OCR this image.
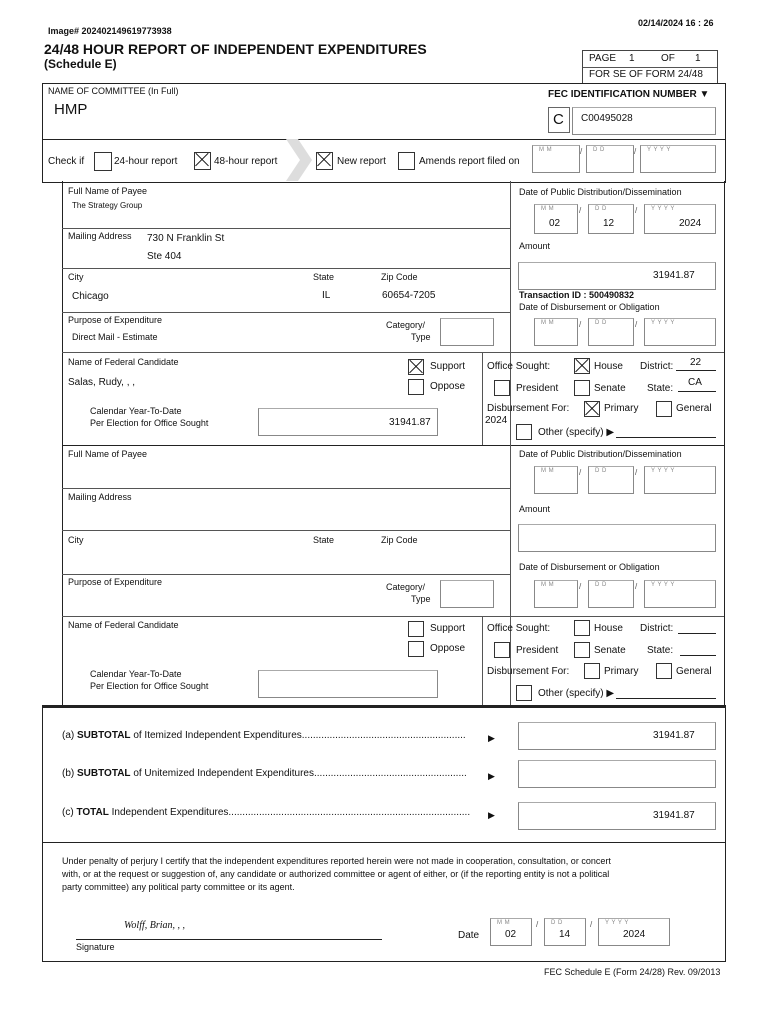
Image# 202402149619773938
02/14/2024 16 : 26
24/48 HOUR REPORT OF INDEPENDENT EXPENDITURES
(Schedule E)	PAGE 1	OF 1
FOR SE OF FORM 24/48
NAME OF COMMITTEE (In Full)
HMP
FEC IDENTIFICATION NUMBER ▼
C C00495028
Check if	24-hour report	48-hour report	New report	Amends report filed on
M M	/ D D	/ Y Y Y Y
Full Name of Payee
The Strategy Group
Mailing Address 730 N Franklin St
Ste 404
City	State	Zip Code
Chicago	IL	60654-7205
Purpose of Expenditure
Direct Mail - Estimate
Category/
Type
Name of Federal Candidate
Salas, Rudy, , ,
Support
Oppose
Office Sought:	House District: 22
President	Senate State:
CA
Calendar Year-To-Date
Per Election for Office Sought	31941.87
Disbursement For:	Primary	General
2024
Other (specify) ▶
Date of Public Distribution/Dissemination
M M
02
/ D D
12
/ Y Y Y Y
2024
Amount
31941.87
Transaction ID : 500490832
Date of Disbursement or Obligation
M M	/ D D	/ Y Y Y Y
Full Name of Payee
Mailing Address
City	State	Zip Code
Purpose of Expenditure	Category/
Type
Name of Federal Candidate	Support
Oppose
Office Sought:	House District:
President	Senate State:
Calendar Year-To-Date
Per Election for Office Sought
Disbursement For:	Primary	General
Other (specify) ▶
Date of Public Distribution/Dissemination
M M	/ D D	/ Y Y Y Y
Amount
Date of Disbursement or Obligation
M M	/ D D	/ Y Y Y Y
(a) SUBTOTAL of Itemized Independent Expenditures........................................................... ▶	31941.87
(b) SUBTOTAL of Unitemized Independent Expenditures....................................................... ▶
(c) TOTAL Independent Expenditures....................................................................................... ▶	31941.87
Under penalty of perjury I certify that the independent expenditures reported herein were not made in cooperation, consultation, or concert
with, or at the request or suggestion of, any candidate or authorized committee or agent of either, or (if the reporting entity is not a political
party committee) any political party committee or its agent.
Wolff, Brian, , ,
Signature
Date
M M
02
/ D D
14
/ Y Y Y Y
2024
FEC Schedule E (Form 24/28) Rev. 09/2013
